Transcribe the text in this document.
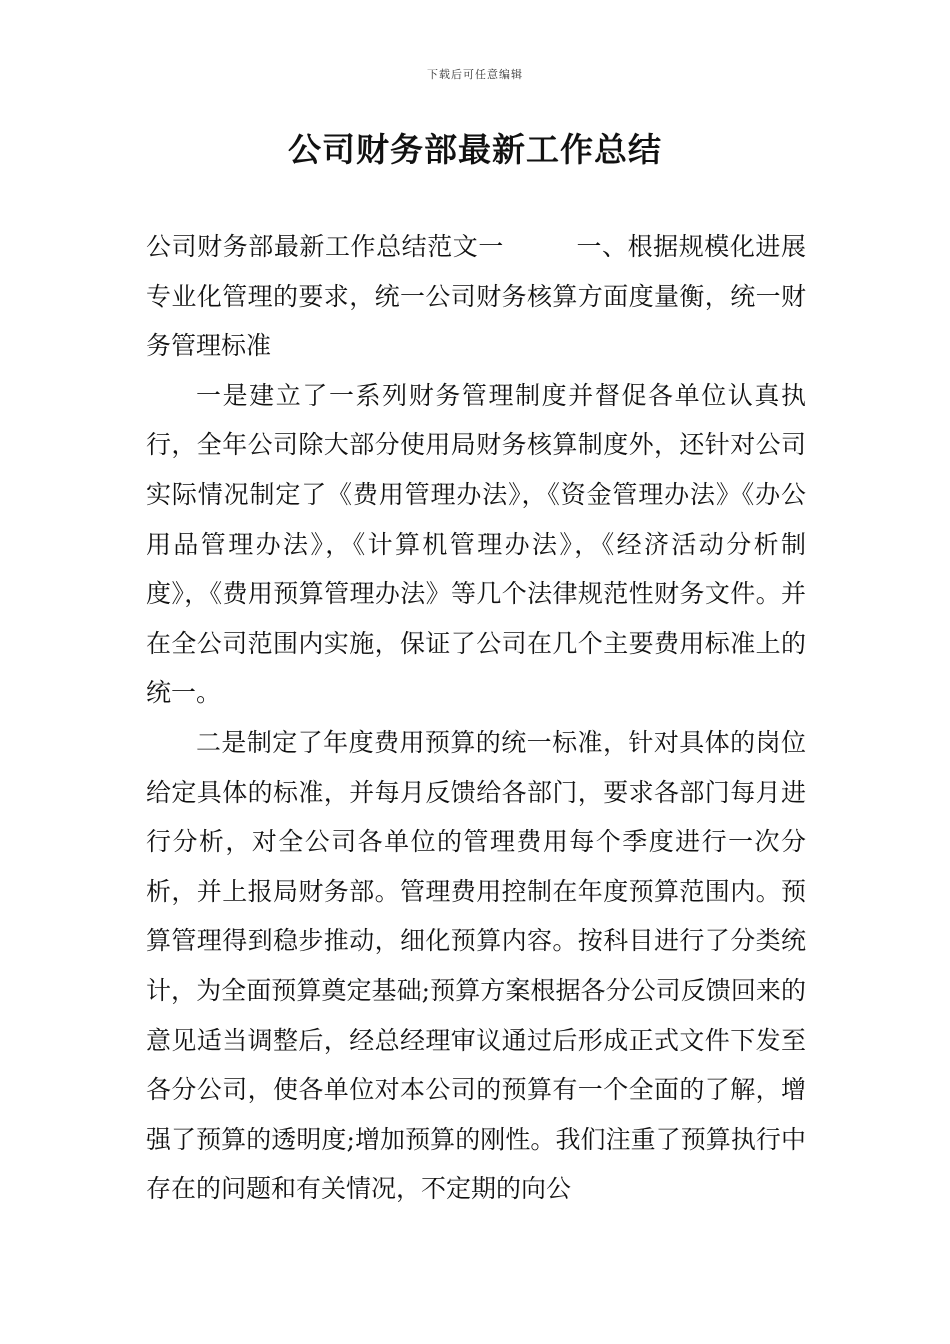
下载后可任意编辑
公司财务部最新工作总结

公司财务部最新工作总结范文一	一、根据规模化进展专业化管理的要求，统一公司财务核算方面度量衡，统一财务管理标准

一是建立了一系列财务管理制度并督促各单位认真执行，全年公司除大部分使用局财务核算制度外，还针对公司实际情况制定了《费用管理办法》，《资金管理办法》《办公用品管理办法》，《计算机管理办法》，《经济活动分析制度》，《费用预算管理办法》等几个法律规范性财务文件。并在全公司范围内实施，保证了公司在几个主要费用标准上的统一。

二是制定了年度费用预算的统一标准，针对具体的岗位给定具体的标准，并每月反馈给各部门，要求各部门每月进行分析，对全公司各单位的管理费用每个季度进行一次分析，并上报局财务部。管理费用控制在年度预算范围内。预算管理得到稳步推动，细化预算内容。按科目进行了分类统计，为全面预算奠定基础;预算方案根据各分公司反馈回来的意见适当调整后，经总经理审议通过后形成正式文件下发至各分公司，使各单位对本公司的预算有一个全面的了解，增强了预算的透明度;增加预算的刚性。我们注重了预算执行中存在的问题和有关情况，不定期的向公
